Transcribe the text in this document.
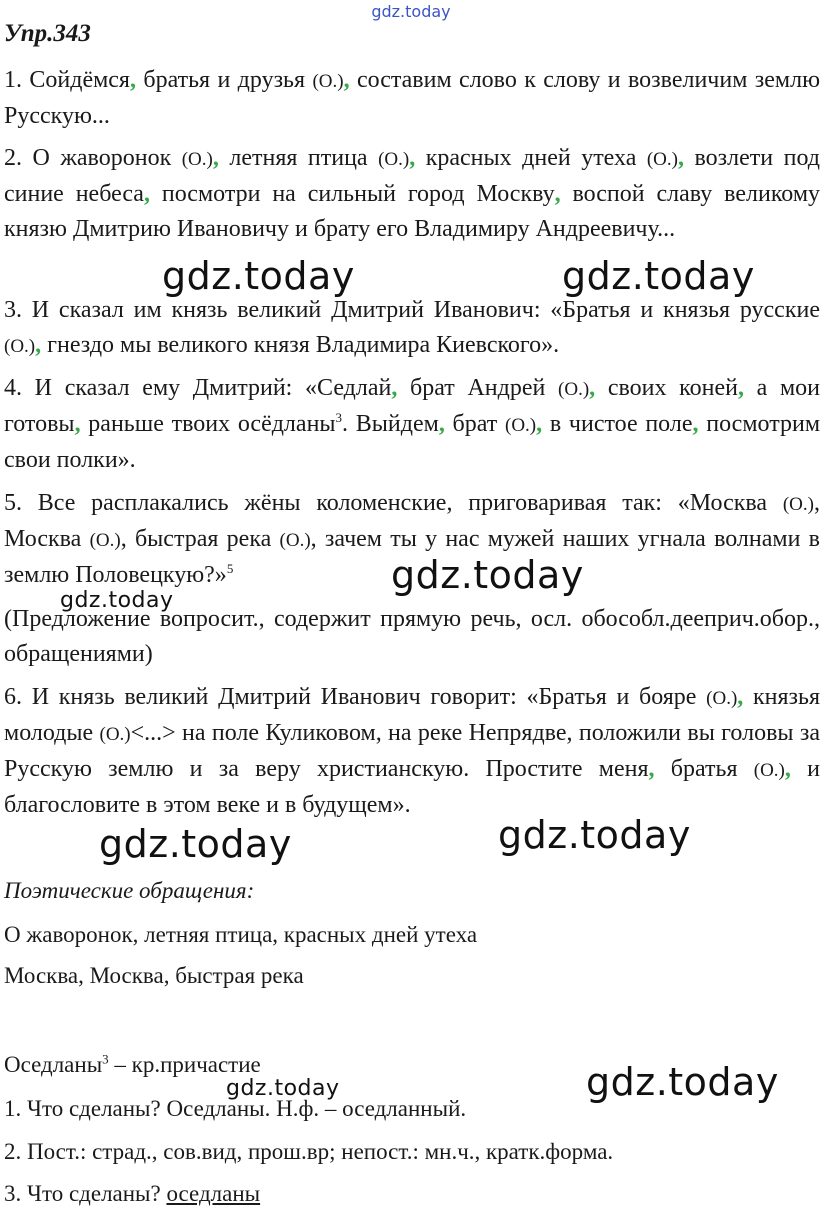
gdz.today
Упр.343

1. Сойдёмся, братья и друзья (О.), составим слово к слову и возвеличим землю Русскую...

2. О жаворонок (О.), летняя птица (О.), красных дней утеха (О.), возлети под синие небеса, посмотри на сильный город Москву, воспой славу великому князю Дмитрию Ивановичу и брату его Владимиру Андреевичу...

3. И сказал им князь великий Дмитрий Иванович: «Братья и князья русские (О.), гнездо мы великого князя Владимира Киевского».

4. И сказал ему Дмитрий: «Седлай, брат Андрей (О.), своих коней, а мои готовы, раньше твоих осёдланы$^3$. Выйдем, брат (О.), в чистое поле, посмотрим свои полки».

5. Все расплакались жёны коломенские, приговаривая так: «Москва (О.), Москва (О.), быстрая река (О.), зачем ты у нас мужей наших угнала волнами в землю Половецкую?»$^5$

(Предложение вопросит., содержит прямую речь, осл. обособл.дееприч.обор., обращениями)

6. И князь великий Дмитрий Иванович говорит: «Братья и бояре (О.), князья молодые (О.)<...> на поле Куликовом, на реке Непрядве, положили вы головы за Русскую землю и за веру христианскую. Простите меня, братья (О.), и благословите в этом веке и в будущем».

Поэтические обращения:
О жаворонок, летняя птица, красных дней утеха
Москва, Москва, быстрая река
Оседланы$^3$ – кр.причастие
1. Что сделаны? Оседланы. Н.ф. – оседланный.
2. Пост.: страд., сов.вид, прош.вр; непост.: мн.ч., кратк.форма.
3. Что сделаны? оседланы
gdz.today	gdz.today
gdz.today
gdz.today
gdz.today	gdz.today
gdz.today
gdz.today
